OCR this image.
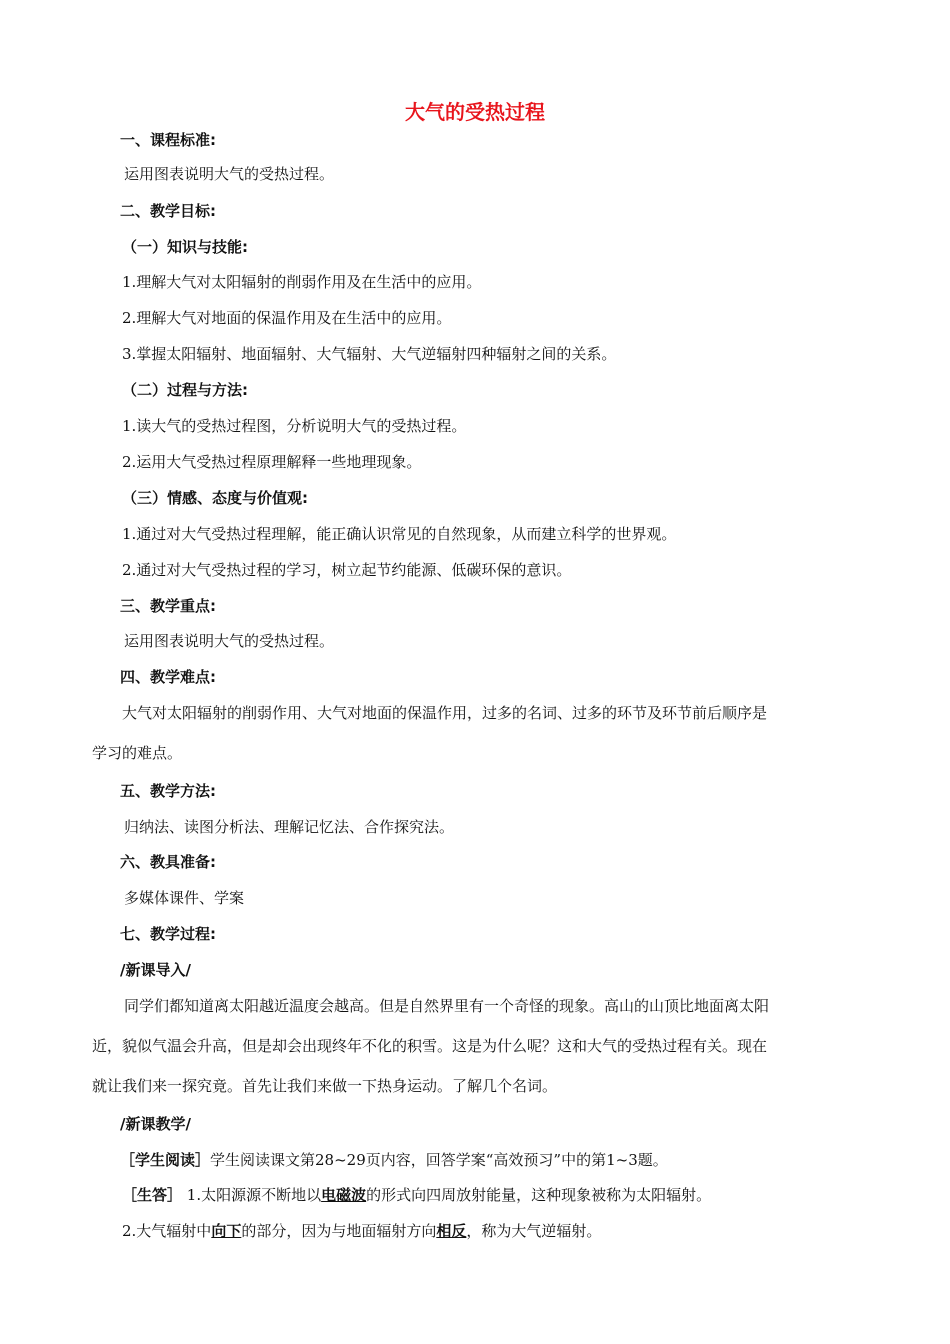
大气的受热过程
一、课程标准:
运用图表说明大气的受热过程。
二、教学目标:
（一）知识与技能:
1.理解大气对太阳辐射的削弱作用及在生活中的应用。
2.理解大气对地面的保温作用及在生活中的应用。
3.掌握太阳辐射、地面辐射、大气辐射、大气逆辐射四种辐射之间的关系。
（二）过程与方法:
1.读大气的受热过程图，分析说明大气的受热过程。
2.运用大气受热过程原理解释一些地理现象。
（三）情感、态度与价值观:
1.通过对大气受热过程理解，能正确认识常见的自然现象，从而建立科学的世界观。
2.通过对大气受热过程的学习，树立起节约能源、低碳环保的意识。
三、教学重点:
运用图表说明大气的受热过程。
四、教学难点:
大气对太阳辐射的削弱作用、大气对地面的保温作用，过多的名词、过多的环节及环节前后顺序是
学习的难点。
五、教学方法:
归纳法、读图分析法、理解记忆法、合作探究法。
六、教具准备:
多媒体课件、学案
七、教学过程:
/新课导入/
同学们都知道离太阳越近温度会越高。但是自然界里有一个奇怪的现象。高山的山顶比地面离太阳
近，貌似气温会升高，但是却会出现终年不化的积雪。这是为什么呢？这和大气的受热过程有关。现在
就让我们来一探究竟。首先让我们来做一下热身运动。了解几个名词。
/新课教学/
［学生阅读］学生阅读课文第28~29页内容，回答学案“高效预习”中的第1~3题。
［生答］ 1.太阳源源不断地以电磁波的形式向四周放射能量，这种现象被称为太阳辐射。
2.大气辐射中向下的部分，因为与地面辐射方向相反，称为大气逆辐射。
